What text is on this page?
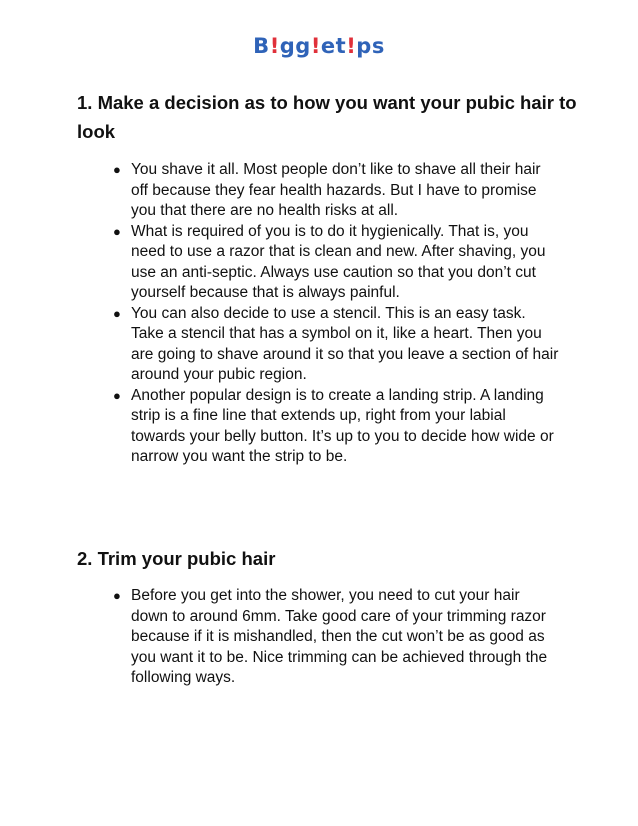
B!gg!et!ps
1. Make a decision as to how you want your pubic hair to look
● You shave it all. Most people don’t like to shave all their hair off because they fear health hazards. But I have to promise you that there are no health risks at all.
● What is required of you is to do it hygienically. That is, you need to use a razor that is clean and new. After shaving, you use an anti-septic. Always use caution so that you don’t cut yourself because that is always painful.
● You can also decide to use a stencil. This is an easy task. Take a stencil that has a symbol on it, like a heart. Then you are going to shave around it so that you leave a section of hair around your pubic region.
● Another popular design is to create a landing strip. A landing strip is a fine line that extends up, right from your labial towards your belly button. It’s up to you to decide how wide or narrow you want the strip to be.
2. Trim your pubic hair
● Before you get into the shower, you need to cut your hair down to around 6mm. Take good care of your trimming razor because if it is mishandled, then the cut won’t be as good as you want it to be. Nice trimming can be achieved through the following ways.
